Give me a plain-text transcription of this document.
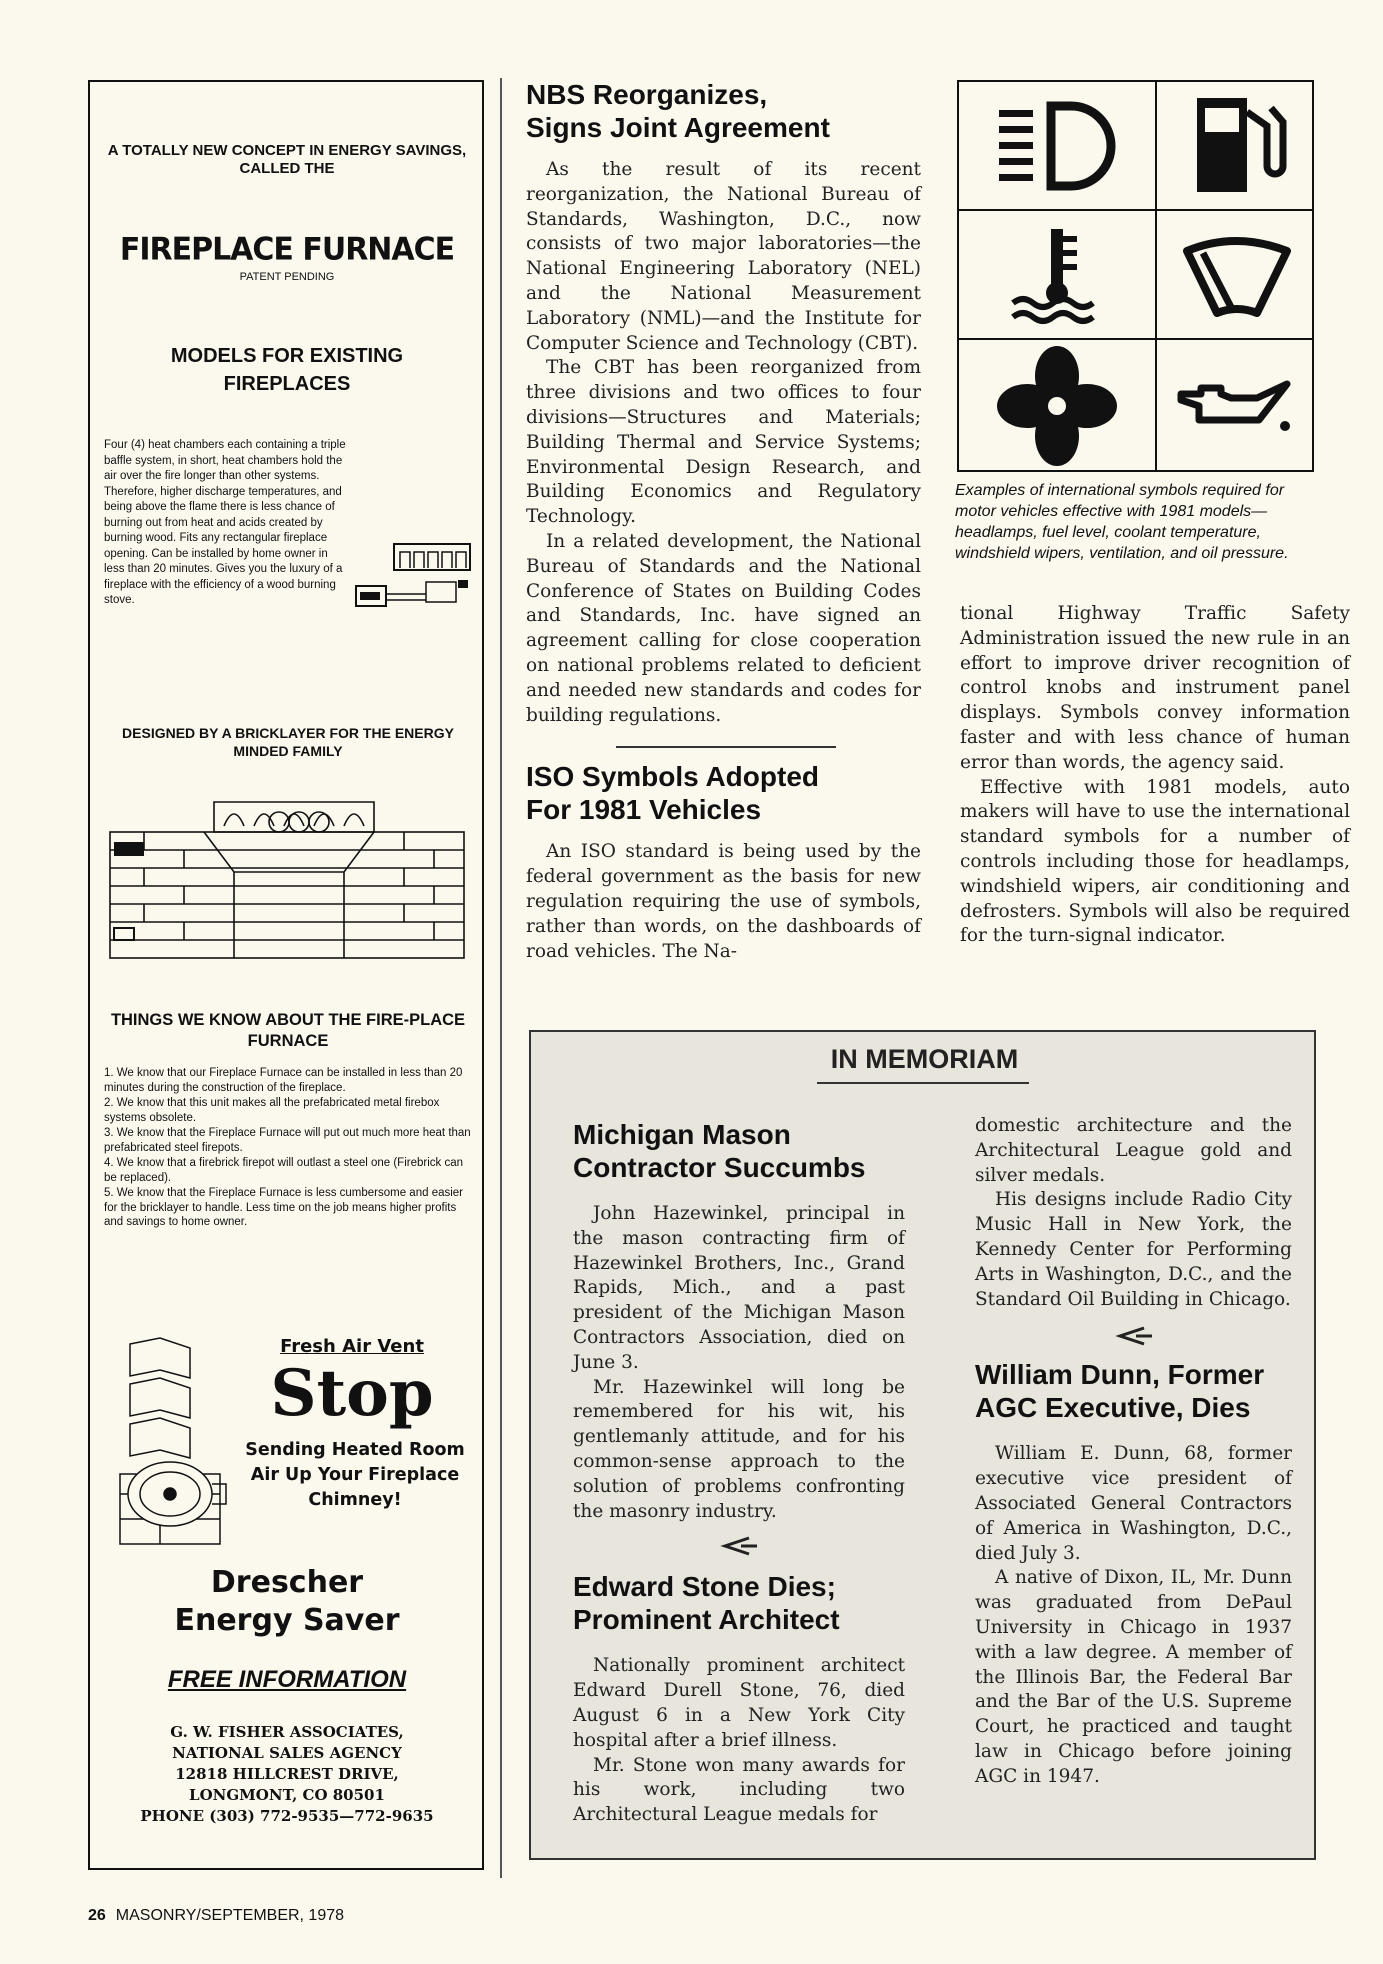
A TOTALLY NEW CONCEPT IN ENERGY SAVINGS, CALLED THE
FIREPLACE FURNACE
PATENT PENDING
MODELS FOR EXISTING FIREPLACES
Four (4) heat chambers each containing a triple baffle system, in short, heat chambers hold the air over the fire longer than other systems. Therefore, higher discharge temperatures, and being above the flame there is less chance of burning out from heat and acids created by burning wood. Fits any rectangular fireplace opening. Can be installed by home owner in less than 20 minutes. Gives you the luxury of a fireplace with the efficiency of a wood burning stove.
DESIGNED BY A BRICKLAYER FOR THE ENERGY MINDED FAMILY
THINGS WE KNOW ABOUT THE FIRE-PLACE FURNACE

1. We know that our Fireplace Furnace can be installed in less than 20 minutes during the construction of the fireplace.

2. We know that this unit makes all the prefabricated metal firebox systems obsolete.

3. We know that the Fireplace Furnace will put out much more heat than prefabricated steel firepots.

4. We know that a firebrick firepot will outlast a steel one (Firebrick can be replaced).

5. We know that the Fireplace Furnace is less cumbersome and easier for the bricklayer to handle. Less time on the job means higher profits and savings to home owner.

Fresh Air Vent
Stop
Sending Heated Room Air Up Your Fireplace Chimney!
Drescher
Energy Saver
FREE INFORMATION
G. W. FISHER ASSOCIATES,
NATIONAL SALES AGENCY
12818 HILLCREST DRIVE,
LONGMONT, CO 80501
PHONE (303) 772-9535—772-9635
NBS Reorganizes,
Signs Joint Agreement

As the result of its recent reorganization, the National Bureau of Standards, Washington, D.C., now consists of two major laboratories—the National Engineering Laboratory (NEL) and the National Measurement Laboratory (NML)—and the Institute for Computer Science and Technology (CBT).

The CBT has been reorganized from three divisions and two offices to four divisions—Structures and Materials; Building Thermal and Service Systems; Environmental Design Research, and Building Economics and Regulatory Technology.

In a related development, the National Bureau of Standards and the National Conference of States on Building Codes and Standards, Inc. have signed an agreement calling for close cooperation on national problems related to deficient and needed new standards and codes for building regulations.

ISO Symbols Adopted
For 1981 Vehicles

An ISO standard is being used by the federal government as the basis for new regulation requiring the use of symbols, rather than words, on the dashboards of road vehicles. The Na-

Examples of international symbols required for motor vehicles effective with 1981 models—headlamps, fuel level, coolant temperature, windshield wipers, ventilation, and oil pressure.

tional Highway Traffic Safety Administration issued the new rule in an effort to improve driver recognition of control knobs and instrument panel displays. Symbols convey information faster and with less chance of human error than words, the agency said.

Effective with 1981 models, auto makers will have to use the international standard symbols for a number of controls including those for headlamps, windshield wipers, air conditioning and defrosters. Symbols will also be required for the turn-signal indicator.

IN MEMORIAM
Michigan Mason
Contractor Succumbs

John Hazewinkel, principal in the mason contracting firm of Hazewinkel Brothers, Inc., Grand Rapids, Mich., and a past president of the Michigan Mason Contractors Association, died on June 3.

Mr. Hazewinkel will long be remembered for his wit, his gentlemanly attitude, and for his common-sense approach to the solution of problems confronting the masonry industry.

Edward Stone Dies;
Prominent Architect

Nationally prominent architect Edward Durell Stone, 76, died August 6 in a New York City hospital after a brief illness.

Mr. Stone won many awards for his work, including two Architectural League medals for

domestic architecture and the Architectural League gold and silver medals.

His designs include Radio City Music Hall in New York, the Kennedy Center for Performing Arts in Washington, D.C., and the Standard Oil Building in Chicago.

William Dunn, Former
AGC Executive, Dies

William E. Dunn, 68, former executive vice president of Associated General Contractors of America in Washington, D.C., died July 3.

A native of Dixon, IL, Mr. Dunn was graduated from DePaul University in Chicago in 1937 with a law degree. A member of the Illinois Bar, the Federal Bar and the Bar of the U.S. Supreme Court, he practiced and taught law in Chicago before joining AGC in 1947.

26 MASONRY/SEPTEMBER, 1978
